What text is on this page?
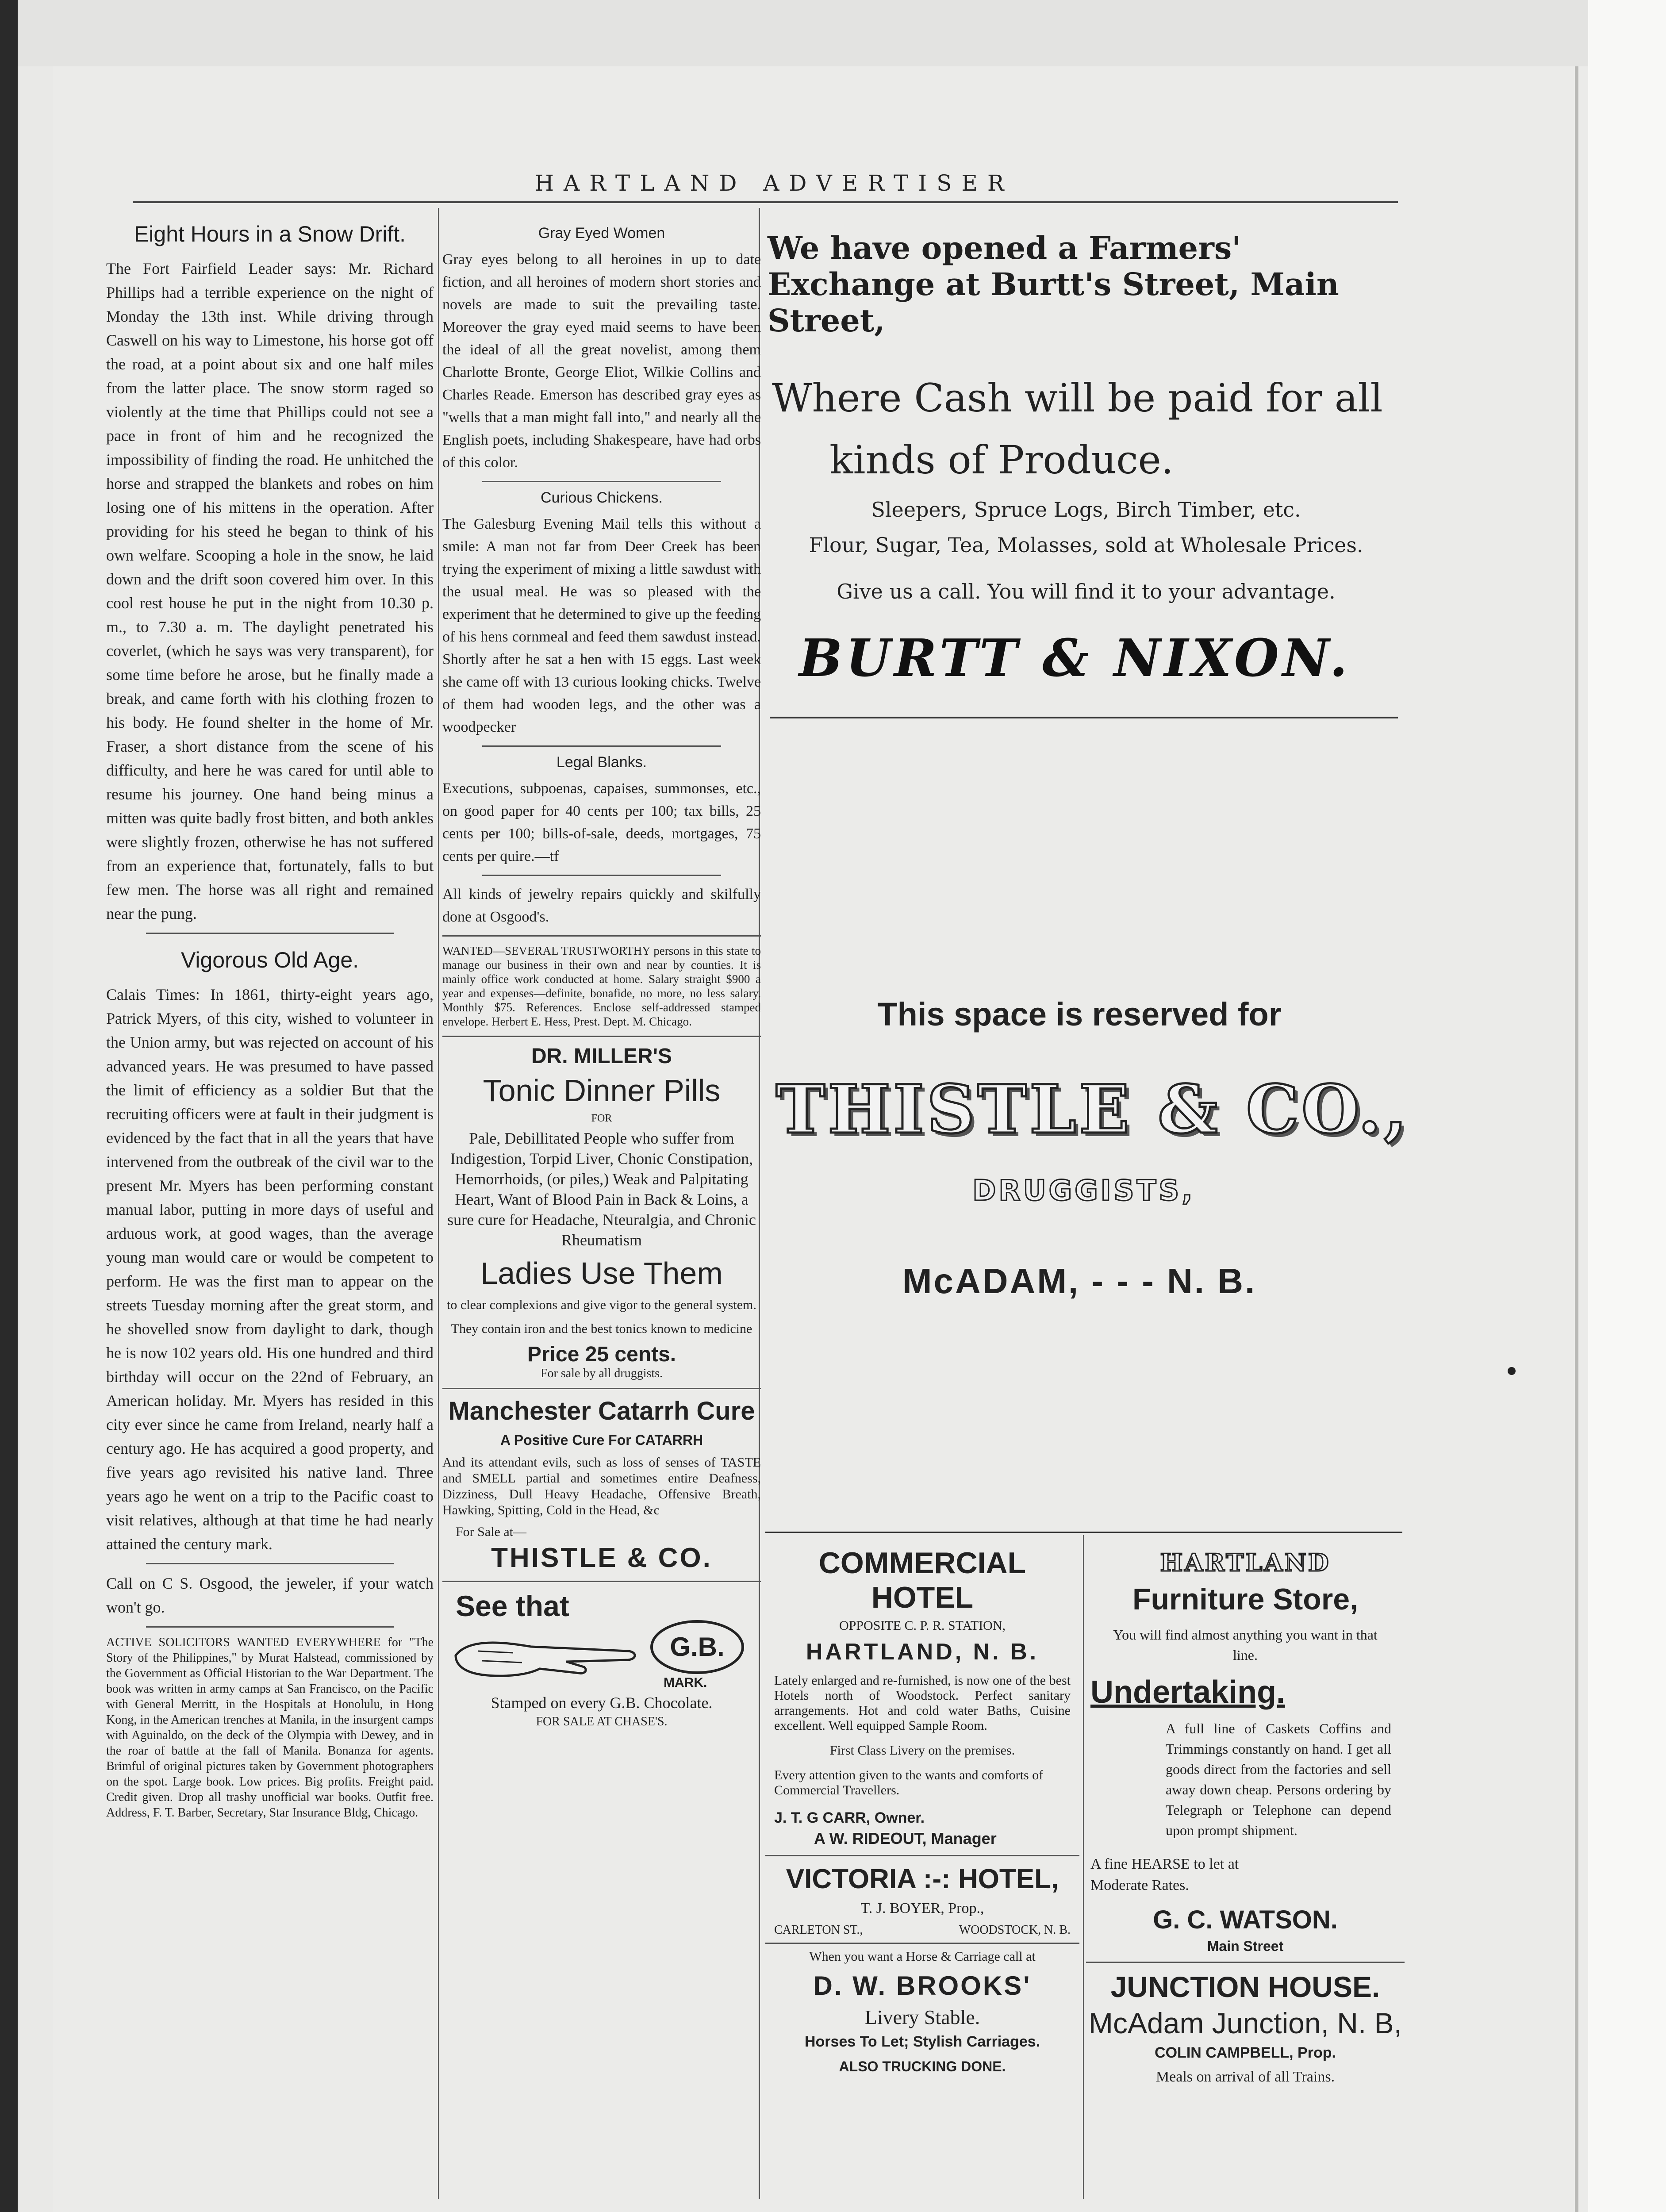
HARTLAND ADVERTISER
Eight Hours in a Snow Drift.

The Fort Fairfield Leader says: Mr. Richard Phillips had a terrible experience on the night of Monday the 13th inst. While driving through Caswell on his way to Limestone, his horse got off the road, at a point about six and one half miles from the latter place. The snow storm raged so violently at the time that Phillips could not see a pace in front of him and he recognized the impossibility of finding the road. He unhitched the horse and strapped the blankets and robes on him losing one of his mittens in the operation. After providing for his steed he began to think of his own welfare. Scooping a hole in the snow, he laid down and the drift soon covered him over. In this cool rest house he put in the night from 10.30 p. m., to 7.30 a. m. The daylight penetrated his coverlet, (which he says was very transparent), for some time before he arose, but he finally made a break, and came forth with his clothing frozen to his body. He found shelter in the home of Mr. Fraser, a short distance from the scene of his difficulty, and here he was cared for until able to resume his journey. One hand being minus a mitten was quite badly frost bitten, and both ankles were slightly frozen, otherwise he has not suffered from an experience that, fortunately, falls to but few men. The horse was all right and remained near the pung.

Vigorous Old Age.

Calais Times: In 1861, thirty-eight years ago, Patrick Myers, of this city, wished to volunteer in the Union army, but was rejected on account of his advanced years. He was presumed to have passed the limit of efficiency as a soldier But that the recruiting officers were at fault in their judgment is evidenced by the fact that in all the years that have intervened from the outbreak of the civil war to the present Mr. Myers has been performing constant manual labor, putting in more days of useful and arduous work, at good wages, than the average young man would care or would be competent to perform. He was the first man to appear on the streets Tuesday morning after the great storm, and he shovelled snow from daylight to dark, though he is now 102 years old. His one hundred and third birthday will occur on the 22nd of February, an American holiday. Mr. Myers has resided in this city ever since he came from Ireland, nearly half a century ago. He has acquired a good property, and five years ago revisited his native land. Three years ago he went on a trip to the Pacific coast to visit relatives, although at that time he had nearly attained the century mark.

Call on C S. Osgood, the jeweler, if your watch won't go.

ACTIVE SOLICITORS WANTED EVERYWHERE for "The Story of the Philippines," by Murat Halstead, commissioned by the Government as Official Historian to the War Department. The book was written in army camps at San Francisco, on the Pacific with General Merritt, in the Hospitals at Honolulu, in Hong Kong, in the American trenches at Manila, in the insurgent camps with Aguinaldo, on the deck of the Olympia with Dewey, and in the roar of battle at the fall of Manila. Bonanza for agents. Brimful of original pictures taken by Government photographers on the spot. Large book. Low prices. Big profits. Freight paid. Credit given. Drop all trashy unofficial war books. Outfit free. Address, F. T. Barber, Secretary, Star Insurance Bldg, Chicago.

Gray Eyed Women

Gray eyes belong to all heroines in up to date fiction, and all heroines of modern short stories and novels are made to suit the prevailing taste. Moreover the gray eyed maid seems to have been the ideal of all the great novelist, among them Charlotte Bronte, George Eliot, Wilkie Collins and Charles Reade. Emerson has described gray eyes as "wells that a man might fall into," and nearly all the English poets, including Shakespeare, have had orbs of this color.

Curious Chickens.

The Galesburg Evening Mail tells this without a smile: A man not far from Deer Creek has been trying the experiment of mixing a little sawdust with the usual meal. He was so pleased with the experiment that he determined to give up the feeding of his hens cornmeal and feed them sawdust instead. Shortly after he sat a hen with 15 eggs. Last week she came off with 13 curious looking chicks. Twelve of them had wooden legs, and the other was a woodpecker

Legal Blanks.

Executions, subpoenas, capaises, summonses, etc., on good paper for 40 cents per 100; tax bills, 25 cents per 100; bills-of-sale, deeds, mortgages, 75 cents per quire.—tf

All kinds of jewelry repairs quickly and skilfully done at Osgood's.

WANTED—SEVERAL TRUSTWORTHY persons in this state to manage our business in their own and near by counties. It is mainly office work conducted at home. Salary straight $900 a year and expenses—definite, bonafide, no more, no less salary. Monthly $75. References. Enclose self-addressed stamped envelope. Herbert E. Hess, Prest. Dept. M. Chicago.

DR. MILLER'S
Tonic Dinner Pills
FOR

Pale, Debillitated People who suffer from Indigestion, Torpid Liver, Chonic Constipation, Hemorrhoids, (or piles,) Weak and Palpitating Heart, Want of Blood Pain in Back & Loins, a sure cure for Headache, Nteuralgia, and Chronic Rheumatism

Ladies Use Them

to clear complexions and give vigor to the general system.

They contain iron and the best tonics known to medicine

Price 25 cents.
For sale by all druggists.
Manchester Catarrh Cure
A Positive Cure For CATARRH

And its attendant evils, such as loss of senses of TASTE and SMELL partial and sometimes entire Deafness, Dizziness, Dull Heavy Headache, Offensive Breath, Hawking, Spitting, Cold in the Head, &c

For Sale at—
THISTLE & CO.
See that
G.B.
MARK.
Stamped on every G.B. Chocolate.
FOR SALE AT CHASE'S.
We have opened a Farmers' Exchange at Burtt's Street, Main Street,
Where Cash will be paid for all
kinds of Produce.
Sleepers, Spruce Logs, Birch Timber, etc.
Flour, Sugar, Tea, Molasses, sold at Wholesale Prices.
Give us a call. You will find it to your advantage.
BURTT & NIXON.
This space is reserved for
THISTLE & CO.,
DRUGGISTS,
McADAM, - - - N. B.
COMMERCIAL HOTEL
OPPOSITE C. P. R. STATION,
HARTLAND, N. B.

Lately enlarged and re-furnished, is now one of the best Hotels north of Woodstock. Perfect sanitary arrangements. Hot and cold water Baths, Cuisine excellent. Well equipped Sample Room.

First Class Livery on the premises.

Every attention given to the wants and comforts of Commercial Travellers.

J. T. G CARR, Owner.
A W. RIDEOUT, Manager
VICTORIA :-: HOTEL,
T. J. BOYER, Prop.,
CARLETON ST.,	WOODSTOCK, N. B.
When you want a Horse & Carriage call at
D. W. BROOKS'
Livery Stable.
Horses To Let; Stylish Carriages.
ALSO TRUCKING DONE.
HARTLAND
Furniture Store,

You will find almost anything you want in that line.

Undertaking.

A full line of Caskets Coffins and Trimmings constantly on hand. I get all goods direct from the factories and sell away down cheap. Persons ordering by Telegraph or Telephone can depend upon prompt shipment.

A fine HEARSE to let at Moderate Rates.

G. C. WATSON.
Main Street
JUNCTION HOUSE.
McAdam Junction, N. B,
COLIN CAMPBELL, Prop.
Meals on arrival of all Trains.
